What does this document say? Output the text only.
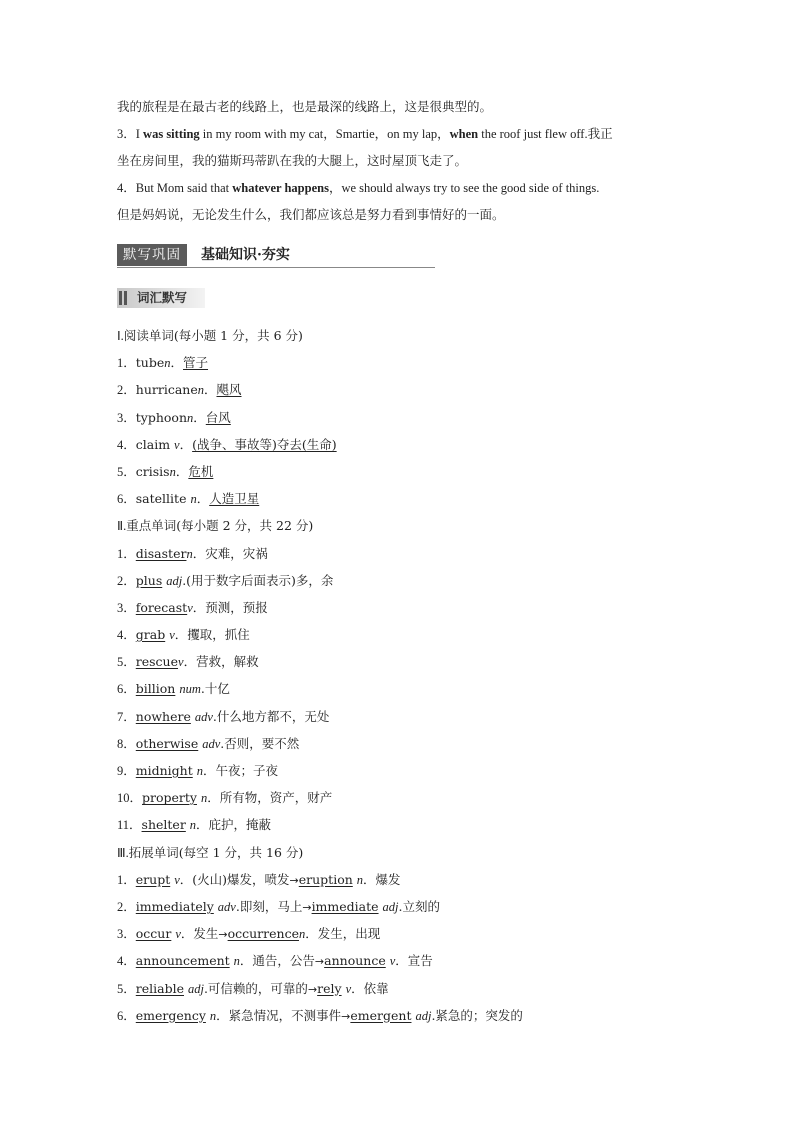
我的旅程是在最古老的线路上，也是最深的线路上，这是很典型的。
3．I was sitting in my room with my cat，Smartie，on my lap，when the roof just flew off.我正
坐在房间里，我的猫斯玛蒂趴在我的大腿上，这时屋顶飞走了。
4．But Mom said that whatever happens，we should always try to see the good side of things.
但是妈妈说，无论发生什么，我们都应该总是努力看到事情好的一面。
默写巩固	基础知识·夯实
词汇默写
Ⅰ.阅读单词(每小题 1 分，共 6 分)
1．tuben．管子
2．hurricanen．飓风
3．typhoonn．台风
4．claim v．(战争、事故等)夺去(生命)
5．crisisn．危机
6．satellite n．人造卫星
Ⅱ.重点单词(每小题 2 分，共 22 分)
1．disastern．灾难，灾祸
2．plus adj.(用于数字后面表示)多，余
3．forecastv．预测，预报
4．grab v．攫取，抓住
5．rescuev．营救，解救
6．billion num.十亿
7．nowhere adv.什么地方都不，无处
8．otherwise adv.否则，要不然
9．midnight n．午夜；子夜
10．property n．所有物，资产，财产
11．shelter n．庇护，掩蔽
Ⅲ.拓展单词(每空 1 分，共 16 分)
1．erupt v．(火山)爆发，喷发→eruption n．爆发
2．immediately adv.即刻，马上→immediate adj.立刻的
3．occur v．发生→occurrencen．发生，出现
4．announcement n．通告，公告→announce v．宣告
5．reliable adj.可信赖的，可靠的→rely v．依靠
6．emergency n．紧急情况，不测事件→emergent adj.紧急的；突发的
